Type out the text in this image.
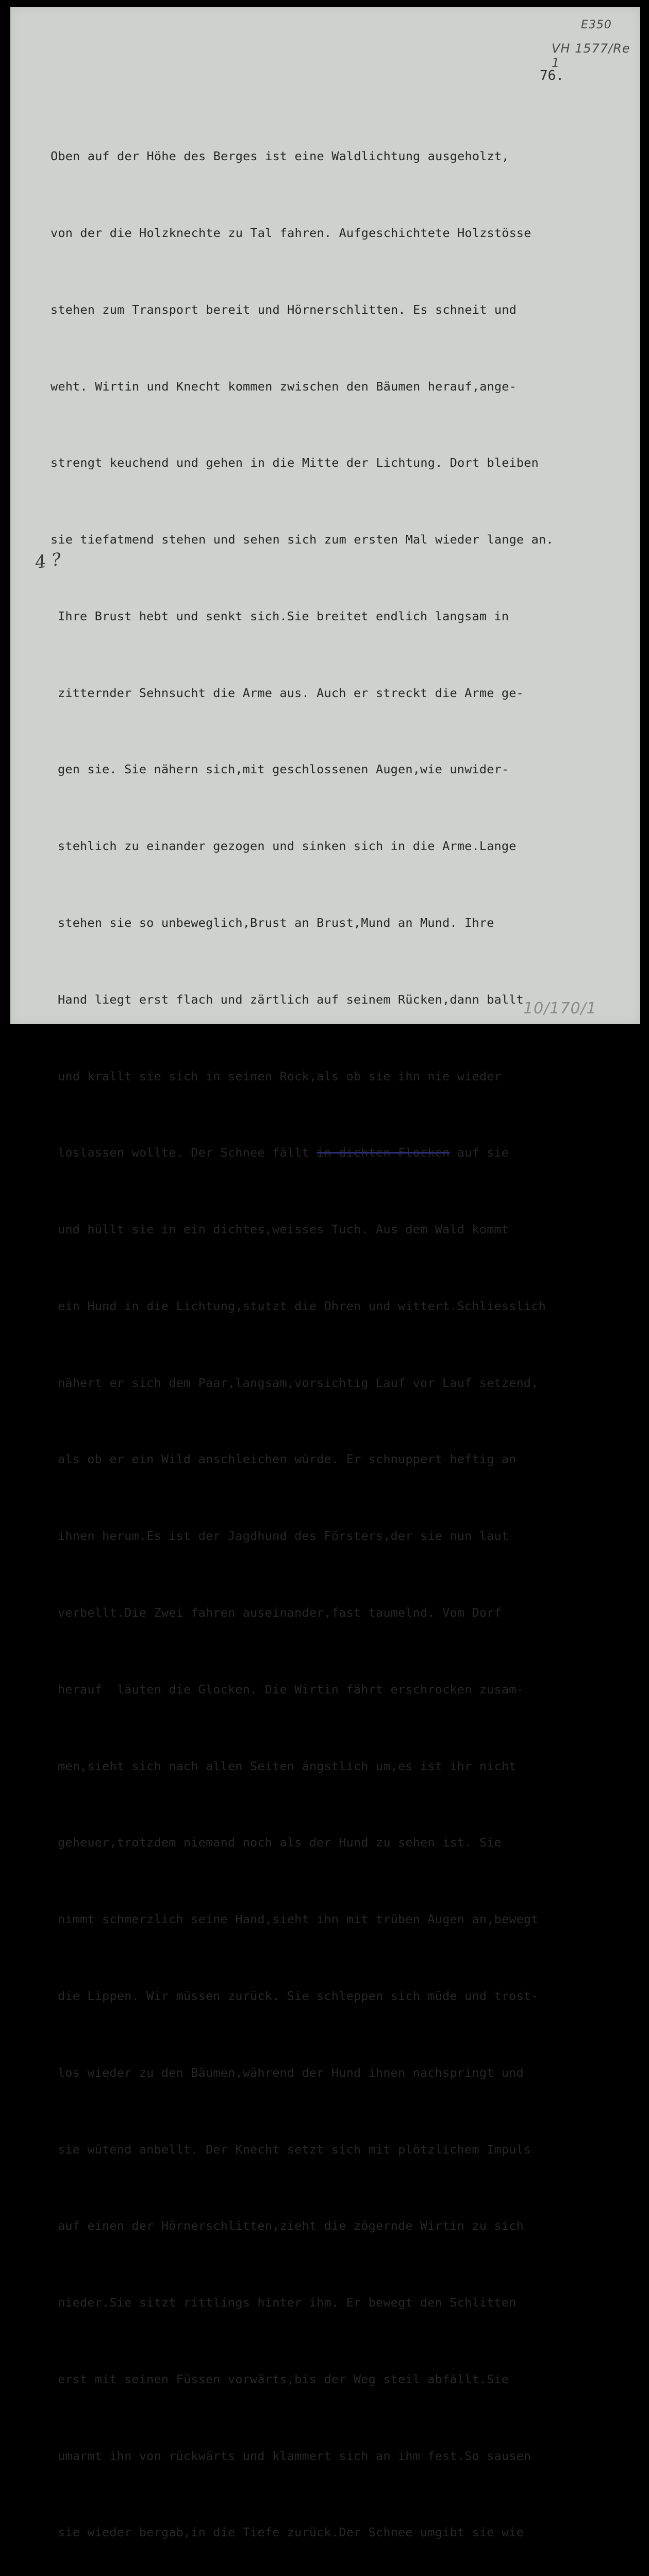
E350
VH 1577/Re 1
76.
4 ?

Oben auf der Höhe des Berges ist eine Waldlichtung ausgeholzt,

von der die Holzknechte zu Tal fahren. Aufgeschichtete Holzstösse

stehen zum Transport bereit und Hörnerschlitten. Es schneit und

weht. Wirtin und Knecht kommen zwischen den Bäumen herauf,angе-

strengt keuchend und gehen in die Mitte der Lichtung. Dort bleiben

sie tiefatmend stehen und sehen sich zum ersten Mal wieder lange an.

Ihre Brust hebt und senkt sich.Sie breitet endlich langsam in

zitternder Sehnsucht die Arme aus. Auch er streckt die Arme ge-

gen sie. Sie nähern sich,mit geschlossenen Augen,wie unwider-

stehlich zu einander gezogen und sinken sich in die Arme.Lange

stehen sie so unbeweglich,Brust an Brust,Mund an Mund. Ihre

Hand liegt erst flach und zärtlich auf seinem Rücken,dann ballt

und krallt sie sich in seinen Rock,als ob sie ihn nie wieder

loslassen wollte. Der Schnee fällt in dichten Flocken auf sie

und hüllt sie in ein dichtes,weisses Tuch. Aus dem Wald kommt

ein Hund in die Lichtung,stutzt die Ohren und wittert.Schliesslich

nähert er sich dem Paar,langsam,vorsichtig Lauf vor Lauf setzend,

als ob er ein Wild anschleichen würde. Er schnuppert heftig an

ihnen herum.Es ist der Jagdhund des Försters,der sie nun laut

verbellt.Die Zwei fahren auseinander,fast taumelnd. Vom Dorf

herauf  läuten die Glocken. Die Wirtin fährt erschrocken zusam-

men,sieht sich nach allen Seiten ängstlich um,es ist ihr nicht

geheuer,trotzdem niemand noch als der Hund zu sehen ist. Sie

nimmt schmerzlich seine Hand,sieht ihn mit trüben Augen an,bewegt

die Lippen. Wir müssen zurück. Sie schleppen sich müde und trost-

los wieder zu den Bäumen,während der Hund ihnen nachspringt und

sie wütend anbellt. Der Knecht setzt sich mit plötzlichem Impuls

auf einen der Hörnerschlitten,zieht die zögernde Wirtin zu sich

nieder.Sie sitzt rittlings hinter ihm. Er bewegt den Schlitten

erst mit seinen Füssen vorwärts,bis der Weg steil abfällt.Sie

umarmt ihn von rückwärts und klammert sich an ihm fest.So sausen

sie wieder bergab,in die Tiefe zurück.Der Schnee umgibt sie wie

10/170/1
